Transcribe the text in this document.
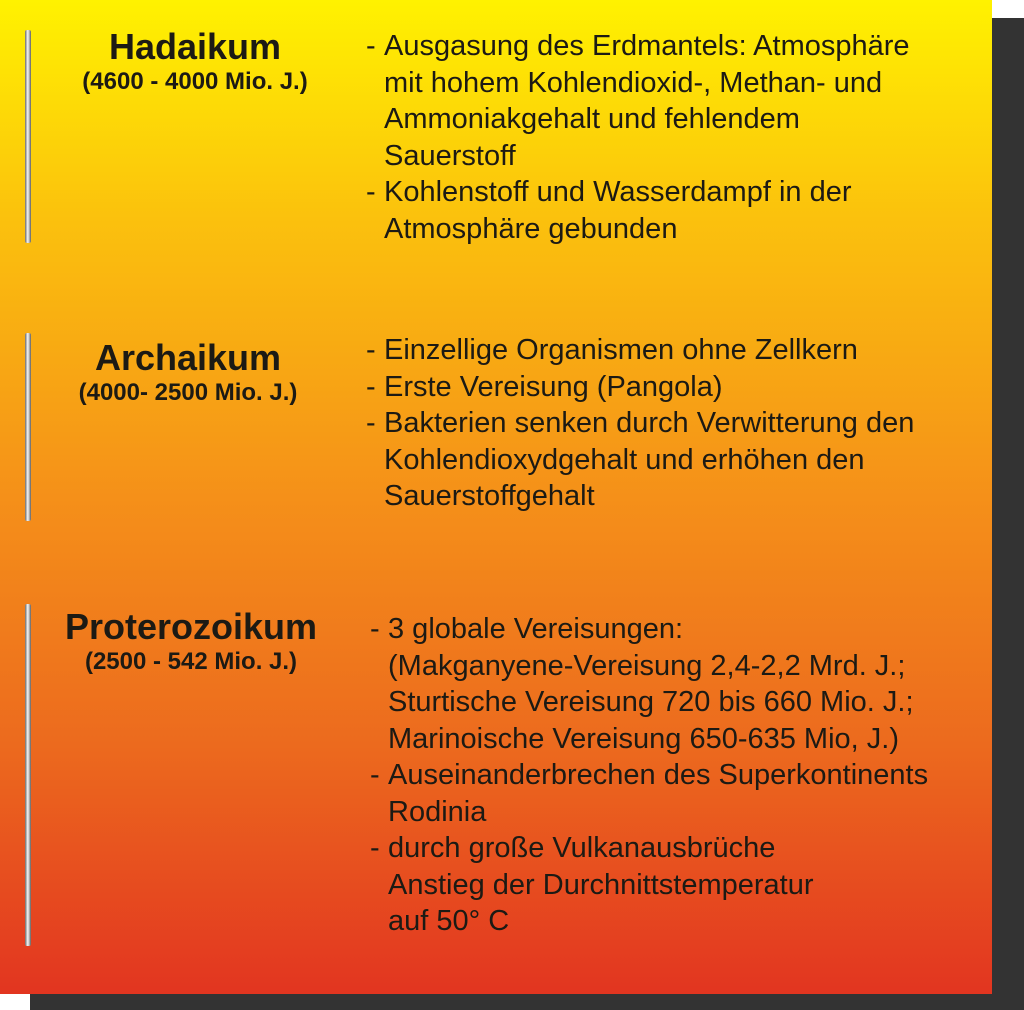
Hadaikum
(4600 - 4000 Mio. J.)
- Ausgasung des Erdmantels: Atmosphäre
mit hohem Kohlendioxid-, Methan- und
Ammoniakgehalt und fehlendem
Sauerstoff
- Kohlenstoff und Wasserdampf in der
Atmosphäre gebunden
Archaikum
(4000- 2500 Mio. J.)
- Einzellige Organismen ohne Zellkern
- Erste Vereisung (Pangola)
- Bakterien senken durch Verwitterung den
Kohlendioxydgehalt und erhöhen den
Sauerstoffgehalt
Proterozoikum
(2500 - 542 Mio. J.)
- 3 globale Vereisungen:
(Makganyene-Vereisung 2,4-2,2 Mrd. J.;
Sturtische Vereisung 720 bis 660 Mio. J.;
Marinoische Vereisung 650-635 Mio, J.)
- Auseinanderbrechen des Superkontinents
Rodinia
- durch große Vulkanausbrüche
Anstieg der Durchnittstemperatur
auf 50° C
